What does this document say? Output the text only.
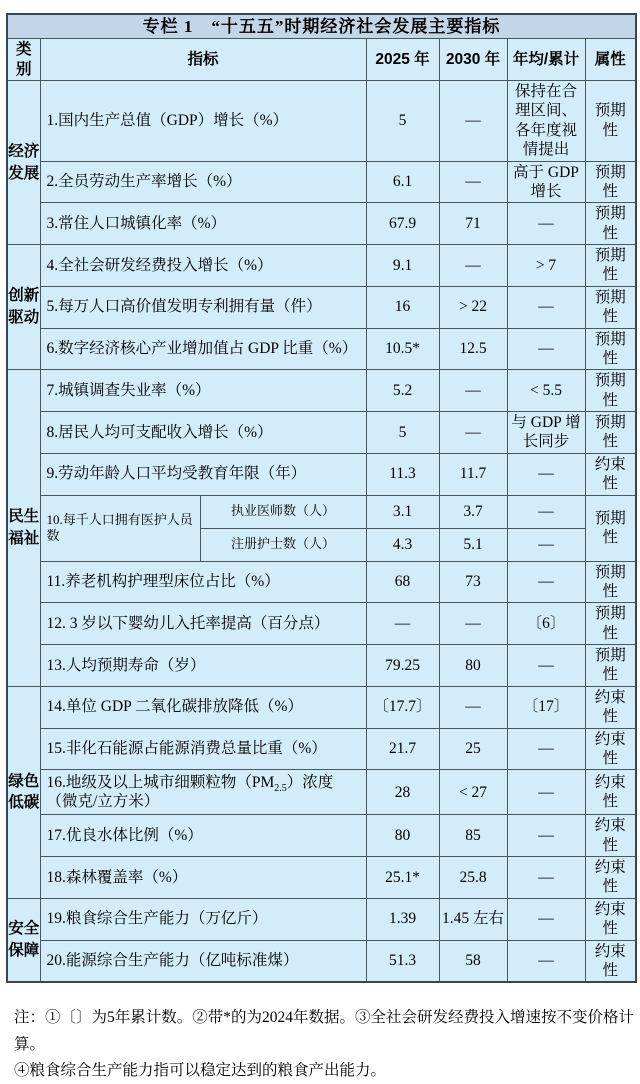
专栏 1　“十五五”时期经济社会发展主要指标						
类别	指标		2025 年	2030 年	年均/累计	属性
经济发展	1.国内生产总值（GDP）增长（%）		5	—	保持在合理区间、各年度视情提出	预期性
	2.全员劳动生产率增长（%）		6.1	—	高于 GDP 增长	预期性
	3.常住人口城镇化率（%）		67.9	71	—	预期性
创新驱动	4.全社会研发经费投入增长（%）		9.1	—	> 7	预期性
	5.每万人口高价值发明专利拥有量（件）		16	> 22	—	预期性
	6.数字经济核心产业增加值占 GDP 比重（%）		10.5*	12.5	—	预期性
民生福祉	7.城镇调查失业率（%）		5.2	—	< 5.5	预期性
	8.居民人均可支配收入增长（%）		5	—	与 GDP 增长同步	预期性
	9.劳动年龄人口平均受教育年限（年）		11.3	11.7	—	约束性
	10.每千人口拥有医护人员数	执业医师数（人）	3.1	3.7	—	预期性
		注册护士数（人）	4.3	5.1	—	
	11.养老机构护理型床位占比（%）		68	73	—	预期性
	12. 3 岁以下婴幼儿入托率提高（百分点）		—	—	〔6〕	预期性
	13.人均预期寿命（岁）		79.25	80	—	预期性
绿色低碳	14.单位 GDP 二氧化碳排放降低（%）		〔17.7〕	—	〔17〕	约束性
	15.非化石能源占能源消费总量比重（%）		21.7	25	—	约束性
	16.地级及以上城市细颗粒物$(PM_{2.5})$浓度（微克/立方米）		28	< 27	—	约束性
	17.优良水体比例（%）		80	85	—	约束性
	18.森林覆盖率（%）		25.1*	25.8	—	约束性
安全保障	19.粮食综合生产能力（万亿斤）		1.39	1.45 左右	—	约束性
	20.能源综合生产能力（亿吨标准煤）		51.3	58	—	约束性
注：①〔〕为5年累计数。②带*的为2024年数据。③全社会研发经费投入增速按不变价格计算。
④粮食综合生产能力指可以稳定达到的粮食产出能力。
